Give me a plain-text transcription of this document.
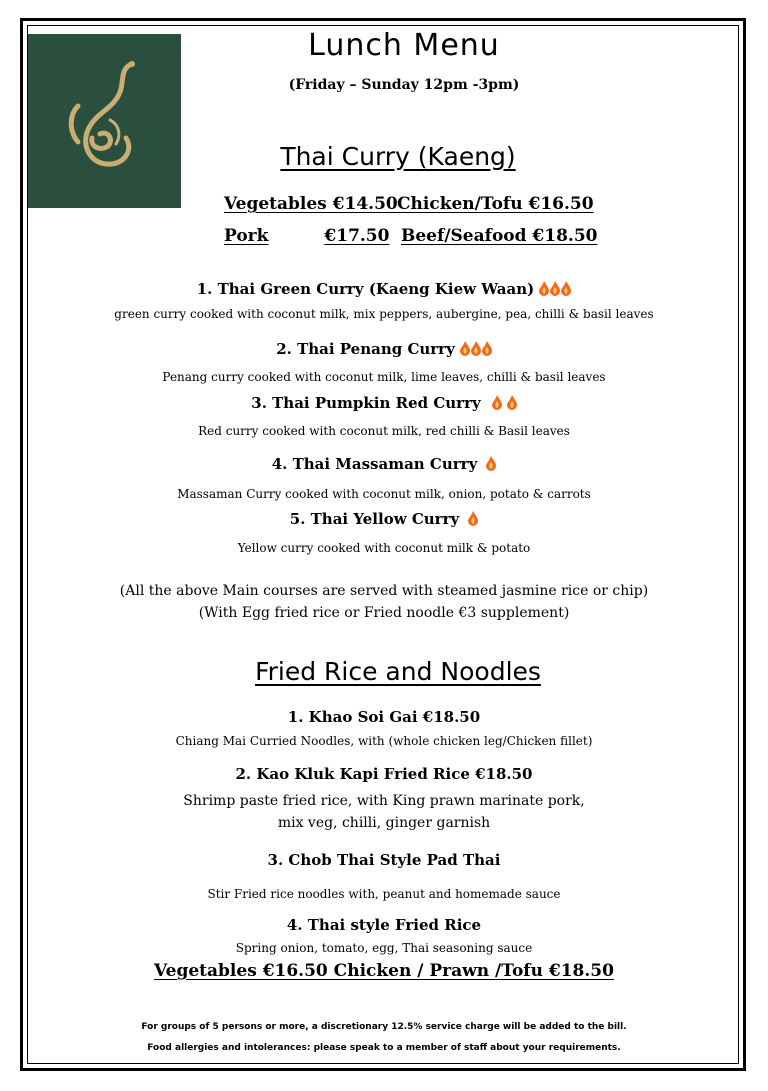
Lunch Menu
(Friday – Sunday 12pm -3pm)
Thai Curry (Kaeng)
Vegetables €14.50 Chicken/Tofu €16.50
Pork	€17.50 Beef/Seafood €18.50
1. Thai Green Curry (Kaeng Kiew Waan)
green curry cooked with coconut milk, mix peppers, aubergine, pea, chilli & basil leaves
2. Thai Penang Curry
Penang curry cooked with coconut milk, lime leaves, chilli & basil leaves
3. Thai Pumpkin Red Curry
Red curry cooked with coconut milk, red chilli & Basil leaves
4. Thai Massaman Curry
Massaman Curry cooked with coconut milk, onion, potato & carrots
5. Thai Yellow Curry
Yellow curry cooked with coconut milk & potato
(All the above Main courses are served with steamed jasmine rice or chip)
(With Egg fried rice or Fried noodle €3 supplement)
Fried Rice and Noodles
1. Khao Soi Gai €18.50
Chiang Mai Curried Noodles, with (whole chicken leg/Chicken fillet)
2. Kao Kluk Kapi Fried Rice €18.50
Shrimp paste fried rice, with King prawn marinate pork,
mix veg, chilli, ginger garnish
3. Chob Thai Style Pad Thai
Stir Fried rice noodles with, peanut and homemade sauce
4. Thai style Fried Rice
Spring onion, tomato, egg, Thai seasoning sauce
Vegetables €16.50 Chicken / Prawn /Tofu €18.50
For groups of 5 persons or more, a discretionary 12.5% service charge will be added to the bill.
Food allergies and intolerances: please speak to a member of staff about your requirements.
